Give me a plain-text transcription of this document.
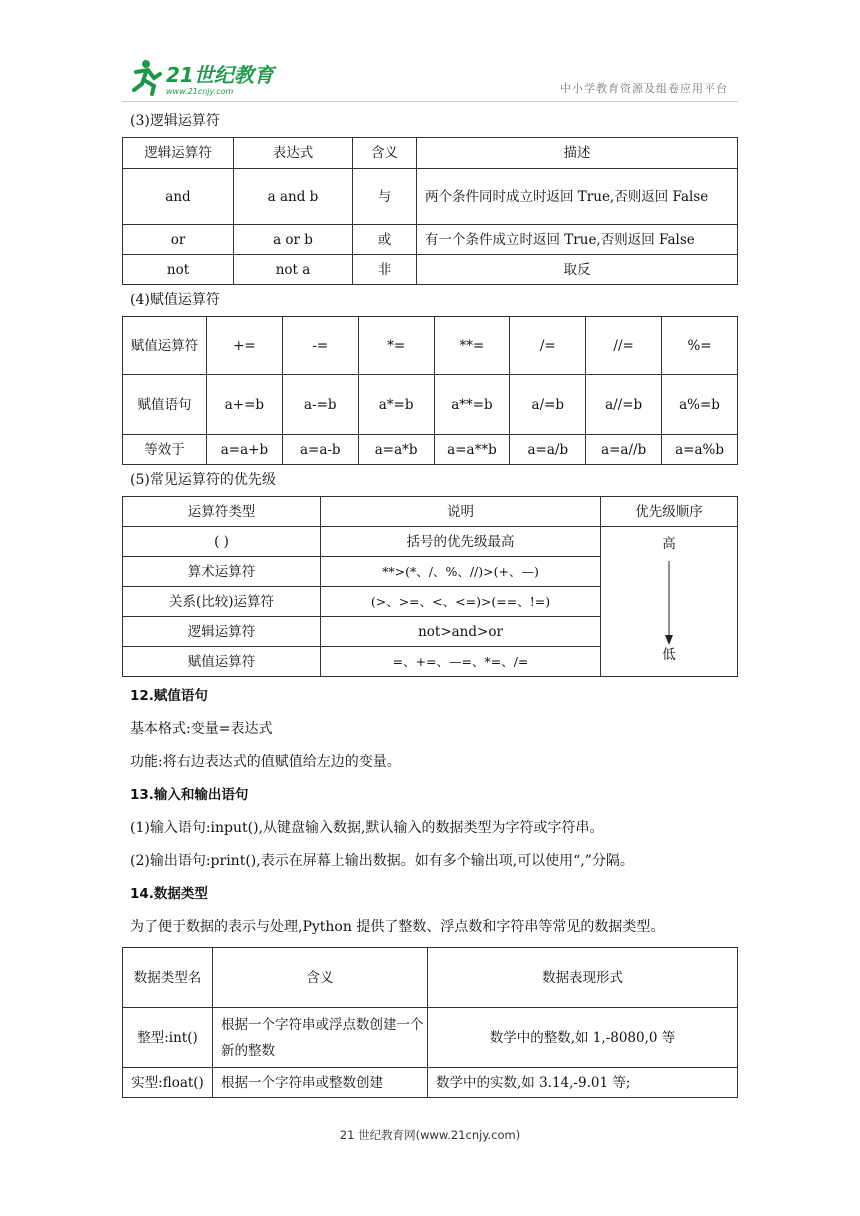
21世纪教育
www.21cnjy.com	中小学教育资源及组卷应用平台
(3)逻辑运算符
逻辑运算符	表达式	含义	描述
and	a and b	与	两个条件同时成立时返回 True,否则返回 False
or	a or b	或	有一个条件成立时返回 True,否则返回 False
not	not a	非	取反
(4)赋值运算符
赋值运算符	+=	-=	*=	**=	/=	//=	%=
赋值语句	a+=b	a-=b	a*=b	a**=b	a/=b	a//=b	a%=b
等效于	a=a+b	a=a-b	a=a*b	a=a**b	a=a/b	a=a//b	a=a%b
(5)常见运算符的优先级
运算符类型	说明	优先级顺序
( )	括号的优先级最高	高
低

算术运算符	**>(*、/、%、//)>(+、—)	
关系(比较)运算符	(>、>=、<、<=)>(==、!=)	
逻辑运算符	not>and>or	
赋值运算符	=、+=、—=、*=、/=	
12.赋值语句
基本格式:变量=表达式
功能:将右边表达式的值赋值给左边的变量。
13.输入和输出语句
(1)输入语句:input(),从键盘输入数据,默认输入的数据类型为字符或字符串。
(2)输出语句:print(),表示在屏幕上输出数据。如有多个输出项,可以使用“,”分隔。
14.数据类型
为了便于数据的表示与处理,Python 提供了整数、浮点数和字符串等常见的数据类型。
数据类型名	含义	数据表现形式
整型:int()	根据一个字符串或浮点数创建一个新的整数	数学中的整数,如 1,-8080,0 等
实型:float()	根据一个字符串或整数创建	数学中的实数,如 3.14,-9.01 等;
21 世纪教育网(www.21cnjy.com)
